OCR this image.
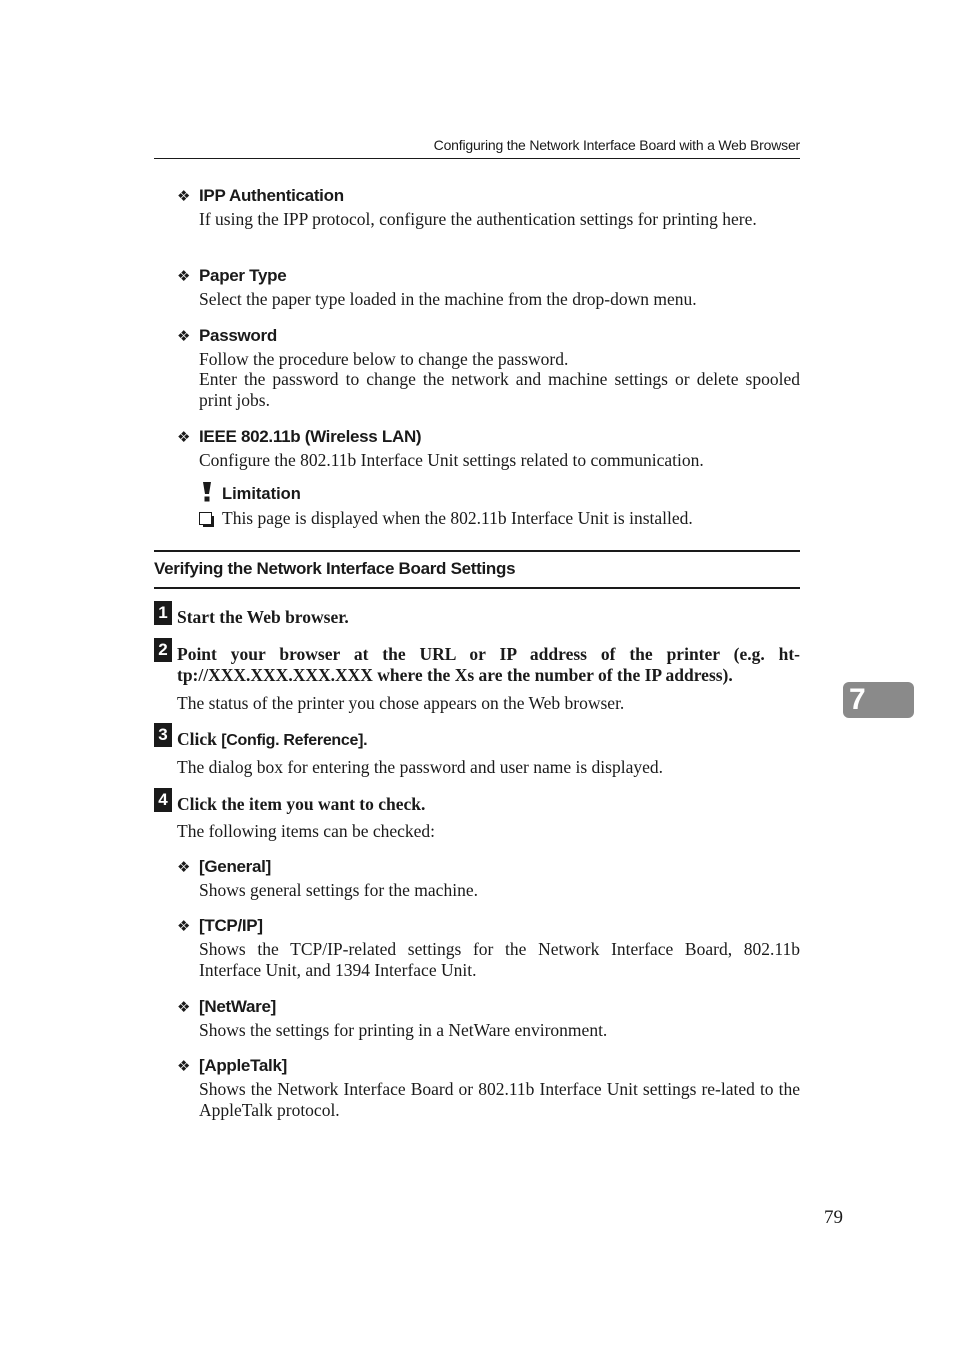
Configuring the Network Interface Board with a Web Browser
❖ IPP Authentication
If using the IPP protocol, configure the authentication settings for printing here.
❖ Paper Type
Select the paper type loaded in the machine from the drop-down menu.
❖ Password
Follow the procedure below to change the password.
Enter the password to change the network and machine settings or delete spooled print jobs.
❖ IEEE 802.11b (Wireless LAN)
Configure the 802.11b Interface Unit settings related to communication.
Limitation
This page is displayed when the 802.11b Interface Unit is installed.
Verifying the Network Interface Board Settings
1 Start the Web browser.
2 Point your browser at the URL or IP address of the printer (e.g. ht-tp://XXX.XXX.XXX.XXX where the Xs are the number of the IP address).
The status of the printer you chose appears on the Web browser.
3 Click [Config. Reference].
The dialog box for entering the password and user name is displayed.
4 Click the item you want to check.
The following items can be checked:
❖ [General]
Shows general settings for the machine.
❖ [TCP/IP]
Shows the TCP/IP-related settings for the Network Interface Board, 802.11b Interface Unit, and 1394 Interface Unit.
❖ [NetWare]
Shows the settings for printing in a NetWare environment.
❖ [AppleTalk]
Shows the Network Interface Board or 802.11b Interface Unit settings re-lated to the AppleTalk protocol.
7
79
